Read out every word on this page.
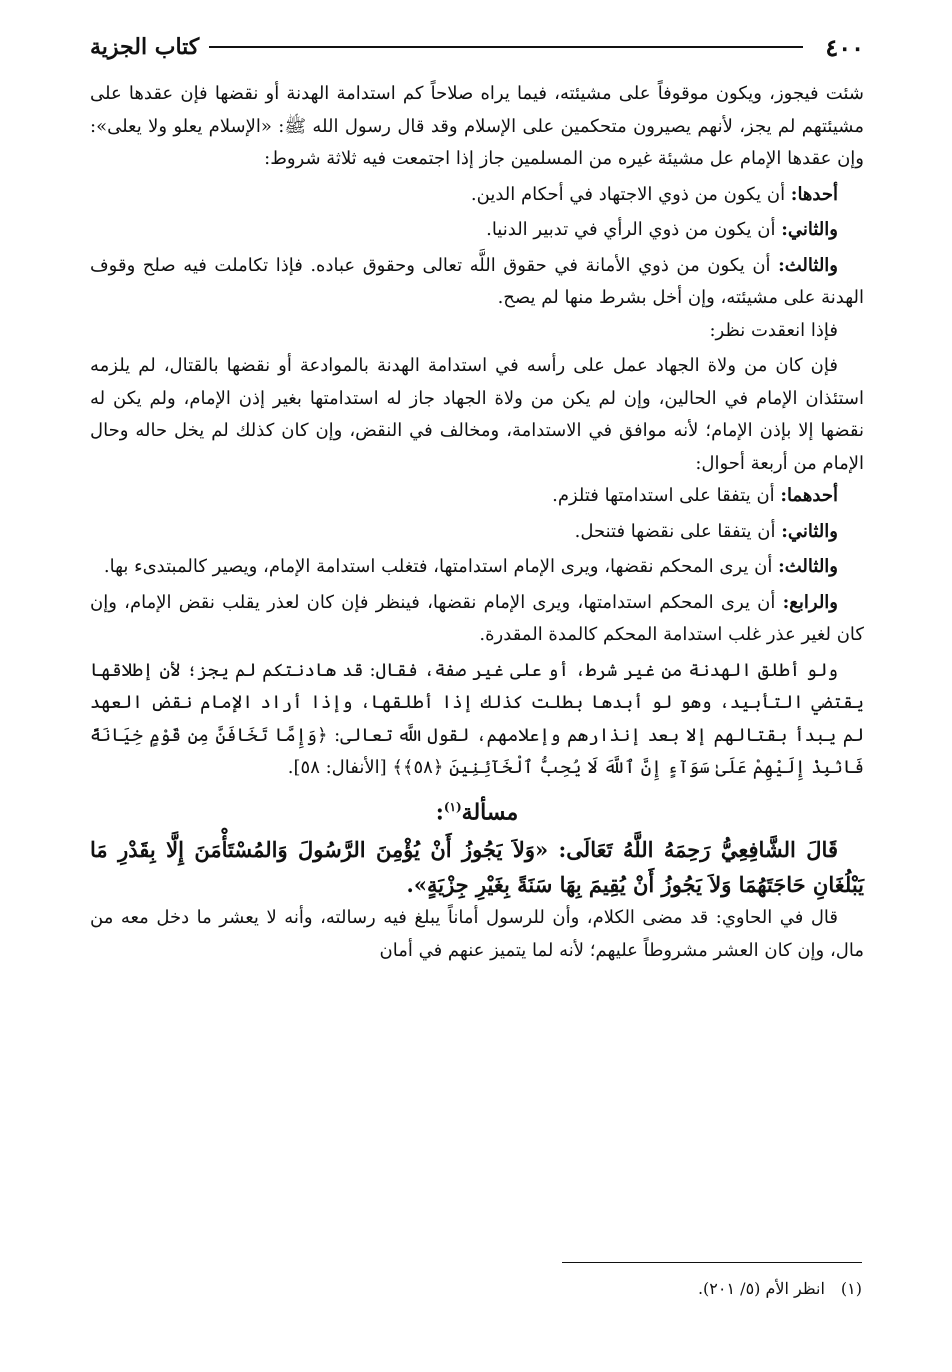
٤٠٠
كتاب الجزية

شئت فيجوز، ويكون موقوفاً على مشيئته، فيما يراه صلاحاً كم استدامة الهدنة أو نقضها فإن عقدها على مشيئتهم لم يجز، لأنهم يصيرون متحكمين على الإسلام وقد قال رسول الله ﷺ: «الإسلام يعلو ولا يعلى»: وإن عقدها الإمام عل مشيئة غيره من المسلمين جاز إذا اجتمعت فيه ثلاثة شروط:

أحدها: أن يكون من ذوي الاجتهاد في أحكام الدين.

والثاني: أن يكون من ذوي الرأي في تدبير الدنيا.

والثالث: أن يكون من ذوي الأمانة في حقوق اللَّه تعالى وحقوق عباده. فإذا تكاملت فيه صلح وقوف الهدنة على مشيئته، وإن أخل بشرط منها لم يصح.

فإذا انعقدت نظر:

فإن كان من ولاة الجهاد عمل على رأسه في استدامة الهدنة بالموادعة أو نقضها بالقتال، لم يلزمه استئذان الإمام في الحالين، وإن لم يكن من ولاة الجهاد جاز له استدامتها بغير إذن الإمام، ولم يكن له نقضها إلا بإذن الإمام؛ لأنه موافق في الاستدامة، ومخالف في النقض، وإن كان كذلك لم يخل حاله وحال الإمام من أربعة أحوال:

أحدهما: أن يتفقا على استدامتها فتلزم.

والثاني: أن يتفقا على نقضها فتنحل.

والثالث: أن يرى المحكم نقضها، ويرى الإمام استدامتها، فتغلب استدامة الإمام، ويصير كالمبتدىء بها.

والرابع: أن يرى المحكم استدامتها، ويرى الإمام نقضها، فينظر فإن كان لعذر يقلب نقض الإمام، وإن كان لغير عذر غلب استدامة المحكم كالمدة المقدرة.

ولو أطلق الهدنة من غير شرط، أو على غير صفة، فقال: قد هادنتكم لم يجز؛ لأن إطلاقها يقتضي التأبيد، وهو لو أبدها بطلت كذلك إذا أطلقها، وإذا أراد الإمام نقض العهد لم يبدأ بقتالهم إلا بعد إنذارهم وإعلامهم، لقول اللَّه تعالى: ﴿وَإِمَّا تَخَافَنَّ مِن قَوْمٍ خِيَانَةً فَانۢبِذْ إِلَيْهِمْ عَلَىٰ سَوَآءٍ إِنَّ ٱللَّهَ لَا يُحِبُّ ٱلْخَآئِنِينَ ﴿٥٨﴾﴾ [الأنفال: ٥٨].

مسألة$^{(١)}$:

قَالَ الشَّافِعِيُّ رَحِمَهُ اللَّهُ تَعَالَى: «وَلاَ يَجُوزُ أَنْ يُؤْمِنَ الرَّسُولَ وَالمُسْتَأْمَنَ إِلَّا بِقَدْرِ مَا يَبْلُغَانِ حَاجَتَهُمَا وَلاَ يَجُوزُ أَنْ يُقِيمَ بِهَا سَنَةً بِغَيْرِ جِزْيَةٍ».

قال في الحاوي: قد مضى الكلام، وأن للرسول أماناً يبلغ فيه رسالته، وأنه لا يعشر ما دخل معه من مال، وإن كان العشر مشروطاً عليهم؛ لأنه لما يتميز عنهم في أمان

(١)انظر الأم (٥/ ٢٠١).
